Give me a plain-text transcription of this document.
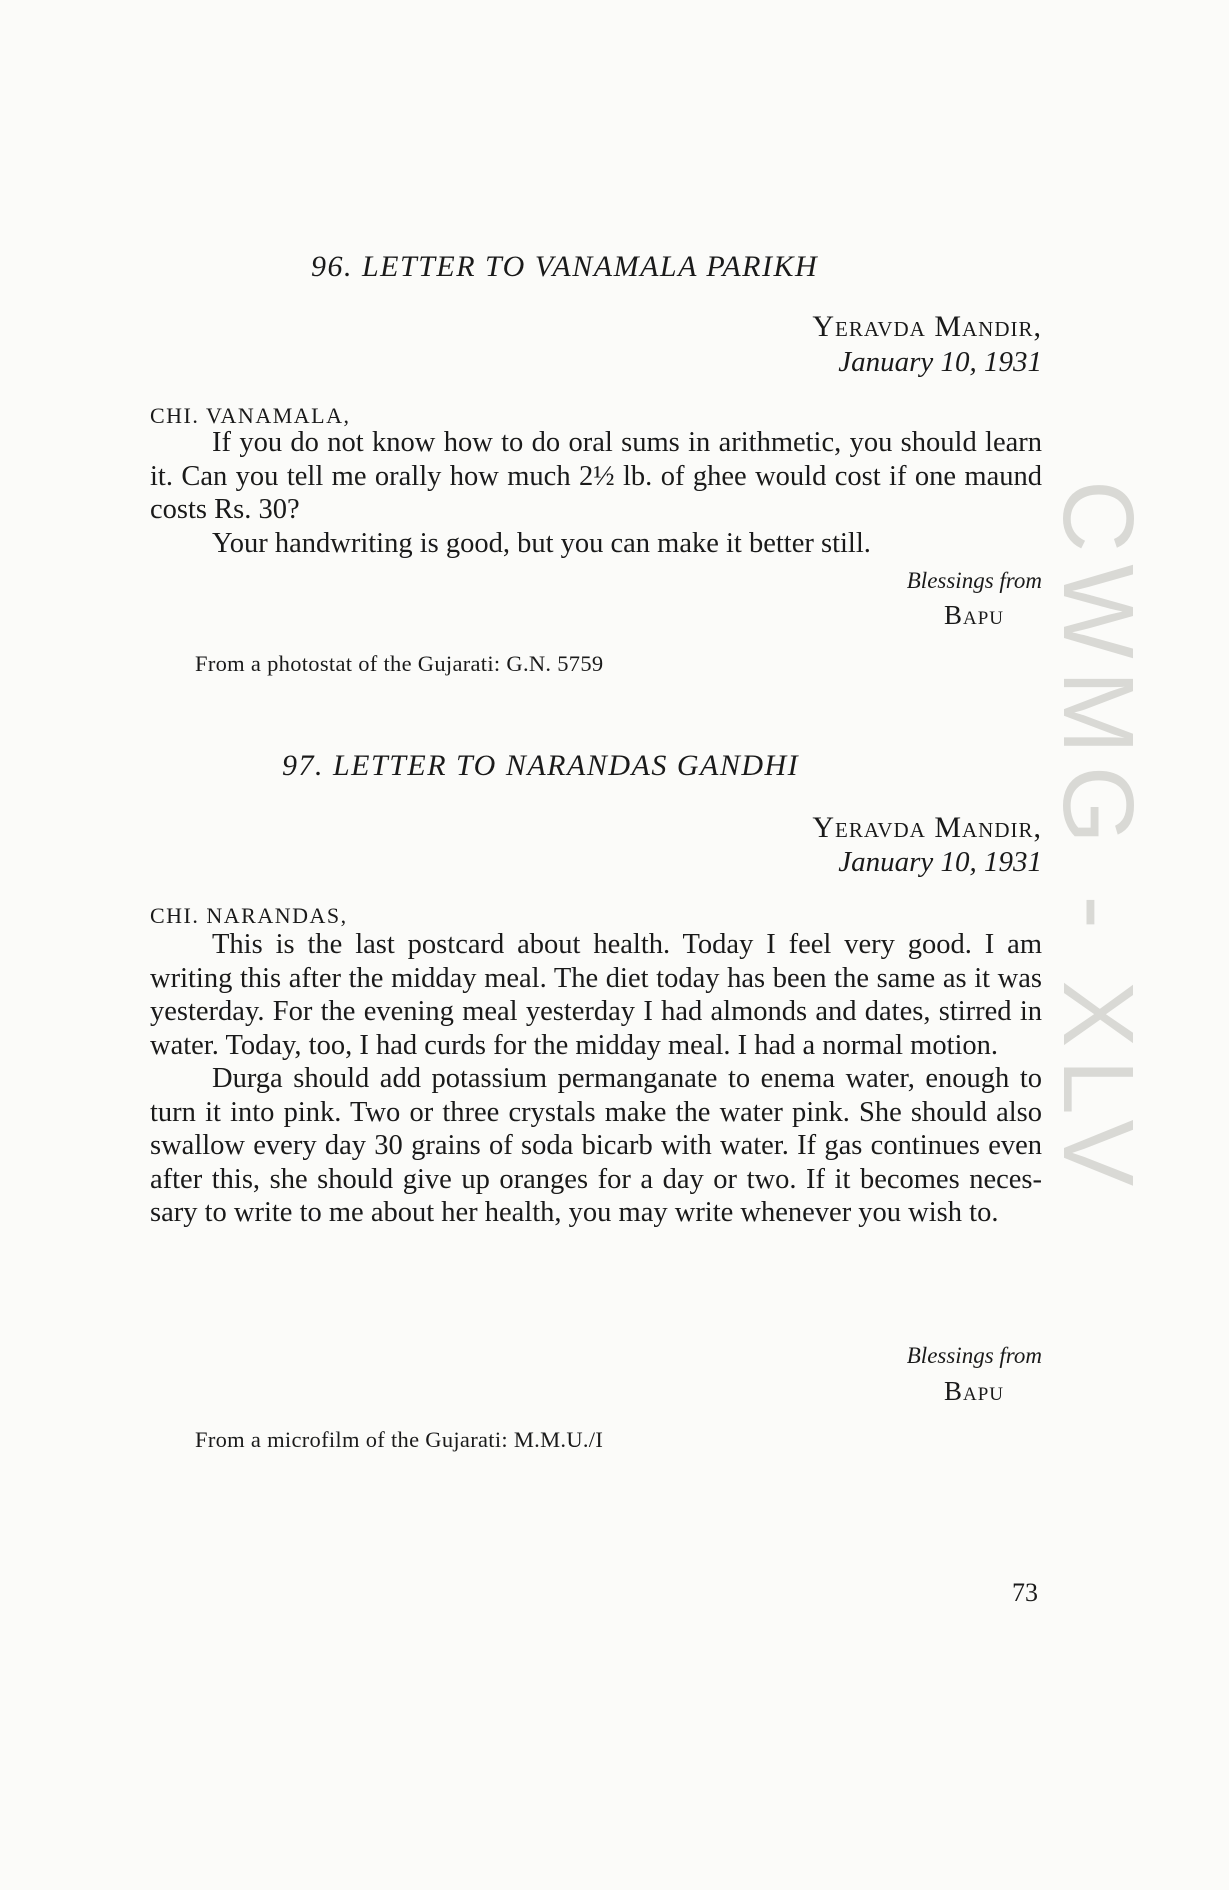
CWMG - XLV
96. LETTER TO VANAMALA PARIKH
Yeravda Mandir,
January 10, 1931
CHI. VANAMALA,

If you do not know how to do oral sums in arithmetic, you should learn it. Can you tell me orally how much 2½ lb. of ghee would cost if one maund costs Rs. 30?

Your handwriting is good, but you can make it better still.

Blessings from
Bapu
From a photostat of the Gujarati: G.N. 5759
97. LETTER TO NARANDAS GANDHI
Yeravda Mandir,
January 10, 1931
CHI. NARANDAS,

This is the last postcard about health. Today I feel very good. I am writing this after the midday meal. The diet today has been the same as it was yesterday. For the evening meal yesterday I had almonds and dates, stirred in water. Today, too, I had curds for the midday meal. I had a normal motion.

Durga should add potassium permanganate to enema water, enough to turn it into pink. Two or three crystals make the water pink. She should also swallow every day 30 grains of soda bicarb with water. If gas continues even after this, she should give up oranges for a day or two. If it becomes neces-sary to write to me about her health, you may write whenever you wish to.

Blessings from
Bapu
From a microfilm of the Gujarati: M.M.U./I
73
